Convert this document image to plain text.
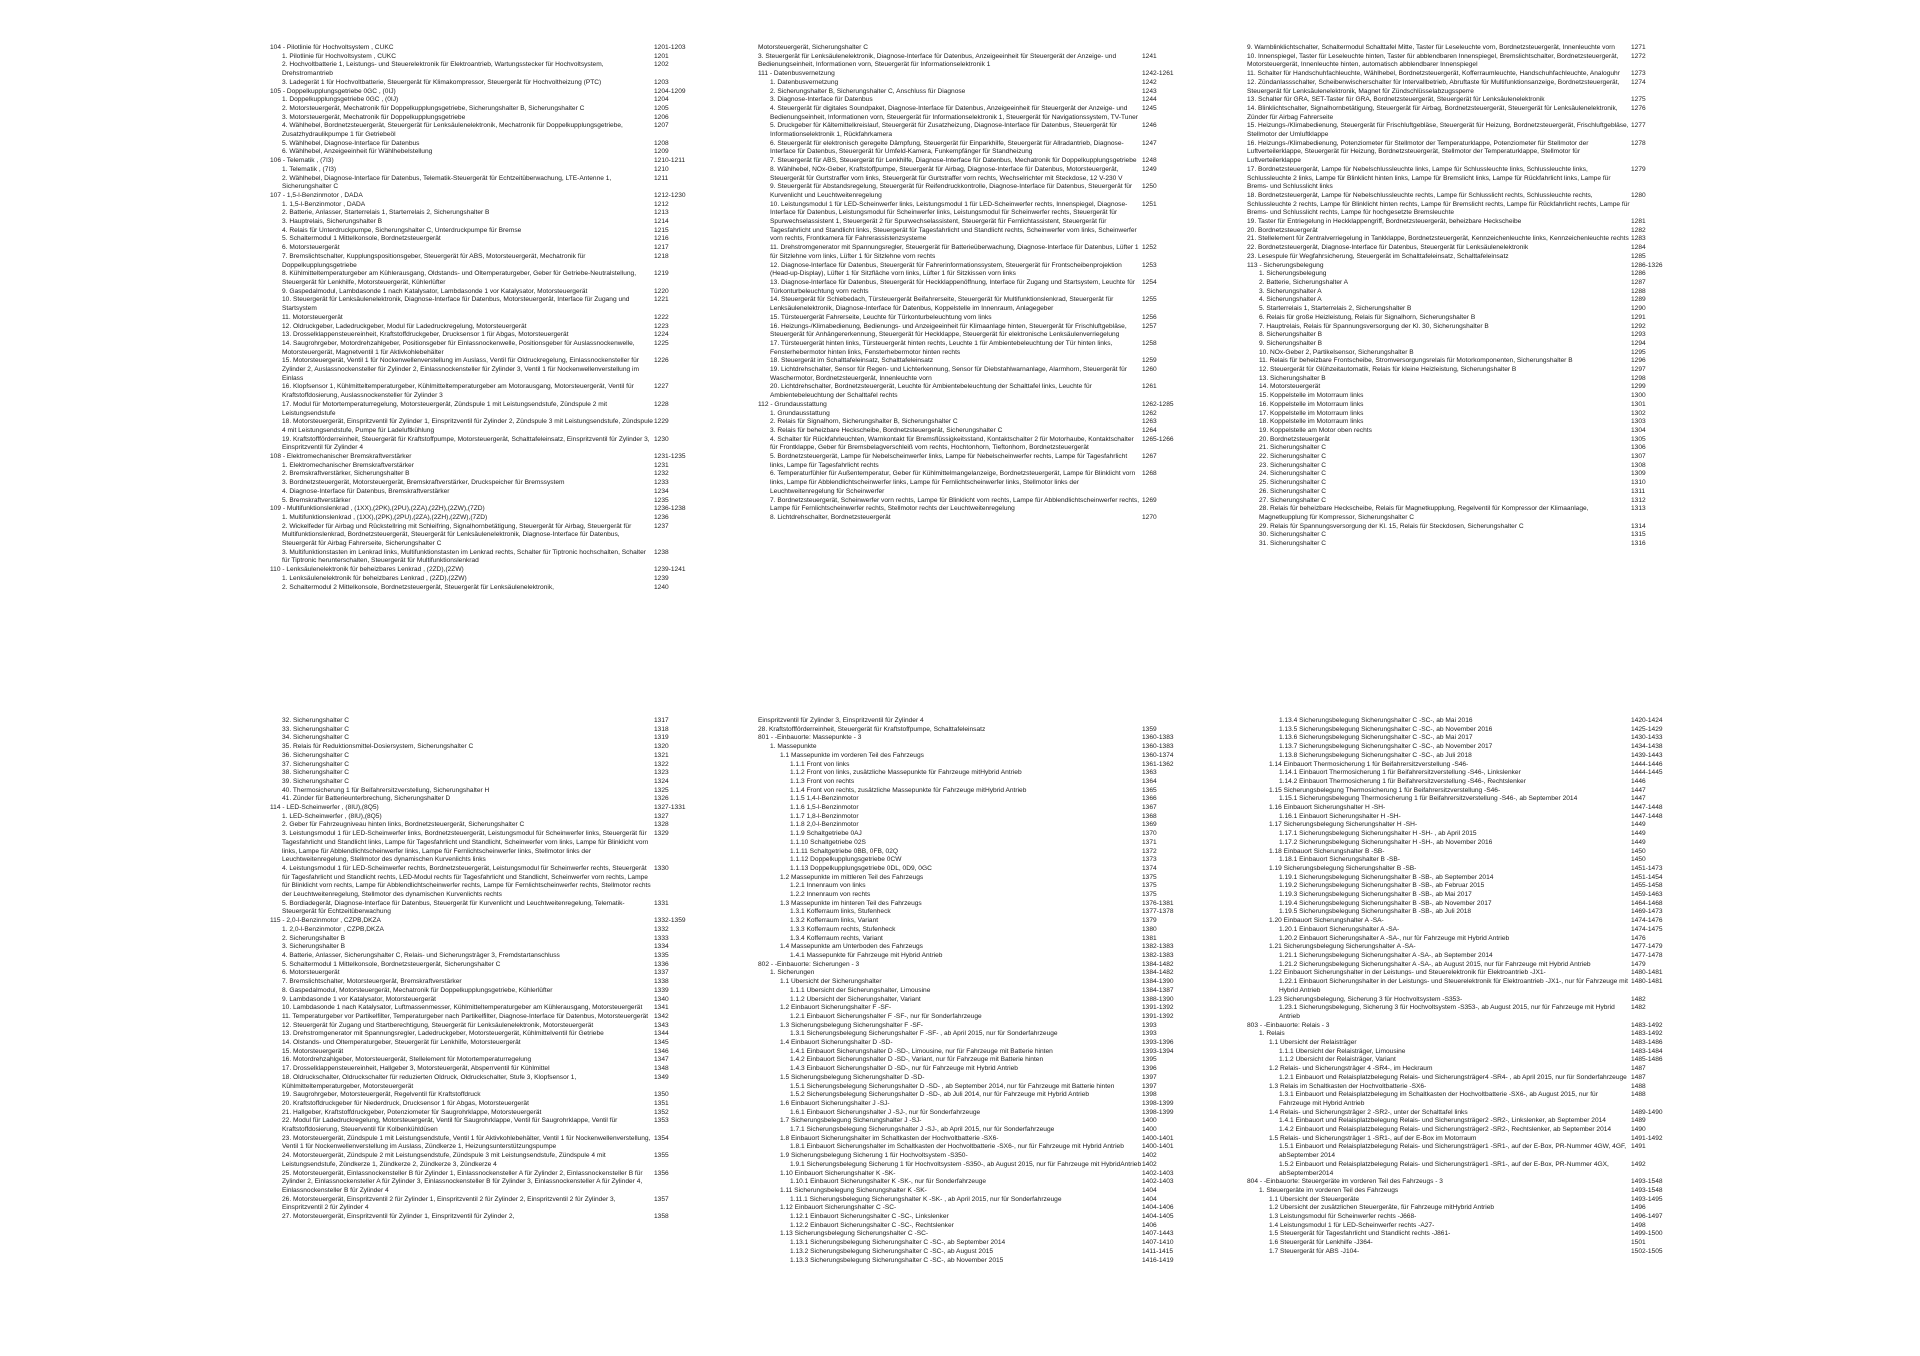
104 - Pilotlinie für Hochvoltsystem , CUKC	1201-1203
1. Pilotlinie für Hochvoltsystem , CUKC	1201
2. Hochvoltbatterie 1, Leistungs- und Steuerelektronik für Elektroantrieb, Wartungsstecker für Hochvoltsystem, Drehstromantrieb
1202
3. Ladegerät 1 für Hochvoltbatterie, Steuergerät für Klimakompressor, Steuergerät für Hochvoltheizung (PTC)	1203
105 - Doppelkupplungsgetriebe 0GC , (0IJ)	1204-1209
1. Doppelkupplungsgetriebe 0GC , (0IJ)	1204
2. Motorsteuergerät, Mechatronik für Doppelkupplungsgetriebe, Sicherungshalter B, Sicherungshalter C	1205
3. Motorsteuergerät, Mechatronik für Doppelkupplungsgetriebe	1206
4. Wählhebel, Bordnetzsteuergerät, Steuergerät für Lenksäulenelektronik, Mechatronik für Doppelkupplungsgetriebe, Zusatzhydraulikpumpe 1 für Getriebeöl
1207
5. Wählhebel, Diagnose-Interface für Datenbus	1208
6. Wählhebel, Anzeigeeinheit für Wählhebelstellung	1209
106 - Telematik , (7I3)	1210-1211
1. Telematik , (7I3)	1210
2. Wählhebel, Diagnose-Interface für Datenbus, Telematik-Steuergerät für Echtzeitüberwachung, LTE-Antenne 1, Sicherungshalter C
1211
107 - 1,5-l-Benzinmotor , DADA	1212-1230
1. 1,5-l-Benzinmotor , DADA	1212
2. Batterie, Anlasser, Starterrelais 1, Starterrelais 2, Sicherungshalter B	1213
3. Hauptrelais, Sicherungshalter B	1214
4. Relais für Unterdruckpumpe, Sicherungshalter C, Unterdruckpumpe für Bremse	1215
5. Schaltermodul 1 Mittelkonsole, Bordnetzsteuergerät	1216
6. Motorsteuergerät	1217
7. Bremslichtschalter, Kupplungspositionsgeber, Steuergerät für ABS, Motorsteuergerät, Mechatronik für Doppelkupplungsgetriebe
1218
8. Kühlmitteltemperaturgeber am Kühlerausgang, Öldstands- und Öltemperaturgeber, Geber für Getriebe-Neutralstellung, Steuergerät für Lenkhilfe, Motorsteuergerät, Kühlerlüfter
1219
9. Gaspedalmodul, Lambdasonde 1 nach Katalysator, Lambdasonde 1 vor Katalysator, Motorsteuergerät	1220
10. Steuergerät für Lenksäulenelektronik, Diagnose-Interface für Datenbus, Motorsteuergerät, Interface für Zugang und Startsystem
1221
11. Motorsteuergerät	1222
12. Öldruckgeber, Ladedruckgeber, Modul für Ladedruckregelung, Motorsteuergerät	1223
13. Drosselklappensteuereinheit, Kraftstoffdruckgeber, Drucksensor 1 für Abgas, Motorsteuergerät	1224
14. Saugrohrgeber, Motordrehzahlgeber, Positionsgeber für Einlassnockenwelle, Positionsgeber für Auslassnockenwelle, Motorsteuergerät, Magnetventil 1 für Aktivkohlebehälter
1225
15. Motorsteuergerät, Ventil 1 für Nockenwellenverstellung im Auslass, Ventil für Öldruckregelung, Einlassnockensteller für Zylinder 2, Auslassnockensteller für Zylinder 2, Einlassnockensteller für Zylinder 3, Ventil 1 für Nockenwellenverstellung im Einlass
1226
16. Klopfsensor 1, Kühlmitteltemperaturgeber, Kühlmitteltemperaturgeber am Motorausgang, Motorsteuergerät, Ventil für Kraftstoffdosierung, Auslassnockensteller für Zylinder 3
1227
17. Modul für Motortemperaturregelung, Motorsteuergerät, Zündspule 1 mit Leistungsendstufe, Zündspule 2 mit Leistungsendstufe
1228
18. Motorsteuergerät, Einspritzventil für Zylinder 1, Einspritzventil für Zylinder 2, Zündspule 3 mit Leistungsendstufe, Zündspule 4 mit Leistungsendstufe, Pumpe für Ladeluftkühlung
1229
19. Kraftstoffförderreinheit, Steuergerät für Kraftstoffpumpe, Motorsteuergerät, Schalttafeleinsatz, Einspritzventil für Zylinder 3, Einspritzventil für Zylinder 4
1230
108 - Elektromechanischer Bremskraftverstärker	1231-1235
1. Elektromechanischer Bremskraftverstärker	1231
2. Bremskraftverstärker, Sicherungshalter B	1232
3. Bordnetzsteuergerät, Motorsteuergerät, Bremskraftverstärker, Druckspeicher für Bremssystem	1233
4. Diagnose-Interface für Datenbus, Bremskraftverstärker	1234
5. Bremskraftverstärker	1235
109 - Multifunktionslenkrad , (1XX),(2PK),(2PU),(2ZA),(2ZH),(2ZW),(7ZD)	1236-1238
1. Multifunktionslenkrad , (1XX),(2PK),(2PU),(2ZA),(2ZH),(2ZW),(7ZD)	1236
2. Wickelfeder für Airbag und Rückstellring mit Schleifring, Signalhornbetätigung, Steuergerät für Airbag, Steuergerät für Multifunktionslenkrad, Bordnetzsteuergerät, Steuergerät für Lenksäulenelektronik, Diagnose-Interface für Datenbus, Steuergerät für Airbag Fahrerseite, Sicherungshalter C
1237
3. Multifunktionstasten im Lenkrad links, Multifunktionstasten im Lenkrad rechts, Schalter für Tiptronic hochschalten, Schalter für Tiptronic herunterschalten, Steuergerät für Multifunktionslenkrad
1238
110 - Lenksäulenelektronik für beheizbares Lenkrad , (2ZD),(2ZW)	1239-1241
1. Lenksäulenelektronik für beheizbares Lenkrad , (2ZD),(2ZW)	1239
2. Schaltermodul 2 Mittelkonsole, Bordnetzsteuergerät, Steuergerät für Lenksäulenelektronik,	1240
Motorsteuergerät, Sicherungshalter C
3. Steuergerät für Lenksäulenelektronik, Diagnose-Interface für Datenbus, Anzeigeeinheit für Steuergerät der Anzeige- und Bedienungseinheit, Informationen vorn, Steuergerät für Informationselektronik 1
1241
111 - Datenbusvernetzung	1242-1261
1. Datenbusvernetzung	1242
2. Sicherungshalter B, Sicherungshalter C, Anschluss für Diagnose	1243
3. Diagnose-Interface für Datenbus	1244
4. Steuergerät für digitales Soundpaket, Diagnose-Interface für Datenbus, Anzeigeeinheit für Steuergerät der Anzeige- und Bedienungseinheit, Informationen vorn, Steuergerät für Informationselektronik 1, Steuergerät für Navigationssystem, TV-Tuner
1245
5. Druckgeber für Kältemittelkreislauf, Steuergerät für Zusatzheizung, Diagnose-Interface für Datenbus, Steuergerät für Informationselektronik 1, Rückfahrkamera
1246
6. Steuergerät für elektronisch geregelte Dämpfung, Steuergerät für Einparkhilfe, Steuergerät für Allradantrieb, Diagnose-Interface für Datenbus, Steuergerät für Umfeld-Kamera, Funkempfänger für Standheizung
1247
7. Steuergerät für ABS, Steuergerät für Lenkhilfe, Diagnose-Interface für Datenbus, Mechatronik für Doppelkupplungsgetriebe 1248
8. Wählhebel, NOx-Geber, Kraftstoffpumpe, Steuergerät für Airbag, Diagnose-Interface für Datenbus, Motorsteuergerät, Steuergerät für Gurtstraffer vorn links, Steuergerät für Gurtstraffer vorn rechts, Wechselrichter mit Steckdose, 12 V-230 V
1249
9. Steuergerät für Abstandsregelung, Steuergerät für Reifendruckkontrolle, Diagnose-Interface für Datenbus, Steuergerät für Kurvenlicht und Leuchtweitenregelung
1250
10. Leistungsmodul 1 für LED-Scheinwerfer links, Leistungsmodul 1 für LED-Scheinwerfer rechts, Innenspiegel, Diagnose-Interface für Datenbus, Leistungsmodul für Scheinwerfer links, Leistungsmodul für Scheinwerfer rechts, Steuergerät für Spurwechselassistent 1, Steuergerät 2 für Spurwechselassistent, Steuergerät für Fernlichtassistent, Steuergerät für Tagesfahrlicht und Standlicht links, Steuergerät für Tagesfahrlicht und Standlicht rechts, Scheinwerfer vorn links, Scheinwerfer vorn rechts, Frontkamera für Fahrerassistenzsysteme
1251
11. Drehstromgenerator mit Spannungsregler, Steuergerät für Batterieüberwachung, Diagnose-Interface für Datenbus, Lüfter 1 für Sitzlehne vorn links, Lüfter 1 für Sitzlehne vorn rechts
1252
12. Diagnose-Interface für Datenbus, Steuergerät für Fahrerinformationssystem, Steuergerät für Frontscheibenprojektion (Head-up-Display), Lüfter 1 für Sitzfläche vorn links, Lüfter 1 für Sitzkissen vorn links
1253
13. Diagnose-Interface für Datenbus, Steuergerät für Heckklappenöffnung, Interface für Zugang und Startsystem, Leuchte für Türkonturbeleuchtung vorn rechts
1254
14. Steuergerät für Schiebedach, Türsteuergerät Beifahrerseite, Steuergerät für Multifunktionslenkrad, Steuergerät für Lenksäulenelektronik, Diagnose-Interface für Datenbus, Koppelstelle im Innenraum, Anlagegeber
1255
15. Türsteuergerät Fahrerseite, Leuchte für Türkonturbeleuchtung vorn links	1256
16. Heizungs-/Klimabedienung, Bedienungs- und Anzeigeeinheit für Klimaanlage hinten, Steuergerät für Frischluftgebläse, Steuergerät für Anhängererkennung, Steuergerät für Heckklappe, Steuergerät für elektronische Lenksäulenverriegelung
1257
17. Türsteuergerät hinten links, Türsteuergerät hinten rechts, Leuchte 1 für Ambientebeleuchtung der Tür hinten links, Fensterhebermotor hinten links, Fensterhebermotor hinten rechts
1258
18. Steuergerät im Schalttafeleinsatz, Schalttafeleinsatz	1259
19. Lichtdrehschalter, Sensor für Regen- und Lichterkennung, Sensor für Diebstahlwarnanlage, Alarmhorn, Steuergerät für Waschermotor, Bordnetzsteuergerät, Innenleuchte vorn
1260
20. Lichtdrehschalter, Bordnetzsteuergerät, Leuchte für Ambientebeleuchtung der Schalttafel links, Leuchte für Ambientebeleuchtung der Schalttafel rechts
1261
112 - Grundausstattung	1262-1285
1. Grundausstattung	1262
2. Relais für Signalhorn, Sicherungshalter B, Sicherungshalter C	1263
3. Relais für beheizbare Heckscheibe, Bordnetzsteuergerät, Sicherungshalter C	1264
4. Schalter für Rückfahrleuchten, Warnkontakt für Bremsflüssigkeitsstand, Kontaktschalter 2 für Motorhaube, Kontaktschalter für Frontklappe, Geber für Bremsbelagverschleiß vorn rechts, Hochtonhorn, Tieftonhorn, Bordnetzsteuergerät
1265-1266
5. Bordnetzsteuergerät, Lampe für Nebelscheinwerfer links, Lampe für Nebelscheinwerfer rechts, Lampe für Tagesfahrlicht links, Lampe für Tagesfahrlicht rechts
1267
6. Temperaturfühler für Außentemperatur, Geber für Kühlmittelmangelanzeige, Bordnetzsteuergerät, Lampe für Blinklicht vorn links, Lampe für Abblendlichtscheinwerfer links, Lampe für Fernlichtscheinwerfer links, Stellmotor links der Leuchtweitenregelung für Scheinwerfer
1268
7. Bordnetzsteuergerät, Scheinwerfer vorn rechts, Lampe für Blinklicht vorn rechts, Lampe für Abblendlichtscheinwerfer rechts, Lampe für Fernlichtscheinwerfer rechts, Stellmotor rechts der Leuchtweitenregelung
1269
8. Lichtdrehschalter, Bordnetzsteuergerät	1270
9. Warnblinklichtschalter, Schaltermodul Schalttafel Mitte, Taster für Leseleuchte vorn, Bordnetzsteuergerät, Innenleuchte vorn	1271
10. Innenspiegel, Taster für Leseleuchte hinten, Taster für abblendbaren Innenspiegel, Bremslichtschalter, Bordnetzsteuergerät, Motorsteuergerät, Innenleuchte hinten, automatisch abblendbarer Innenspiegel
1272
11. Schalter für Handschuhfachleuchte, Wählhebel, Bordnetzsteuergerät, Kofferraumleuchte, Handschuhfachleuchte, Analoguhr	1273
12. Zündanlassschalter, Scheibenwischerschalter für Intervallbetrieb, Abruftaste für Multifunktionsanzeige, Bordnetzsteuergerät, Steuergerät für Lenksäulenelektronik, Magnet für Zündschlüsselabzugssperre
1274
13. Schalter für GRA, SET-Taster für GRA, Bordnetzsteuergerät, Steuergerät für Lenksäulenelektronik	1275
14. Blinklichtschalter, Signalhornbetätigung, Steuergerät für Airbag, Bordnetzsteuergerät, Steuergerät für Lenksäulenelektronik, Zünder für Airbag Fahrerseite
1276
15. Heizungs-/Klimabedienung, Steuergerät für Frischluftgebläse, Steuergerät für Heizung, Bordnetzsteuergerät, Frischluftgebläse, Stellmotor der Umluftklappe
1277
16. Heizungs-/Klimabedienung, Potenziometer für Stellmotor der Temperaturklappe, Potenziometer für Stellmotor der Luftverteilerklappe, Steuergerät für Heizung, Bordnetzsteuergerät, Stellmotor der Temperaturklappe, Stellmotor für Luftverteilerklappe
1278
17. Bordnetzsteuergerät, Lampe für Nebelschlussleuchte links, Lampe für Schlussleuchte links, Schlussleuchte links, Schlussleuchte 2 links, Lampe für Blinklicht hinten links, Lampe für Bremslicht links, Lampe für Rückfahrlicht links, Lampe für Brems- und Schlusslicht links
1279
18. Bordnetzsteuergerät, Lampe für Nebelschlussleuchte rechts, Lampe für Schlusslicht rechts, Schlussleuchte rechts, Schlussleuchte 2 rechts, Lampe für Blinklicht hinten rechts, Lampe für Bremslicht rechts, Lampe für Rückfahrlicht rechts, Lampe für Brems- und Schlusslicht rechts, Lampe für hochgesetzte Bremsleuchte
1280
19. Taster für Entriegelung in Heckklappengriff, Bordnetzsteuergerät, beheizbare Heckscheibe	1281
20. Bordnetzsteuergerät	1282
21. Stellelement für Zentralverriegelung in Tankklappe, Bordnetzsteuergerät, Kennzeichenleuchte links, Kennzeichenleuchte rechts 1283
22. Bordnetzsteuergerät, Diagnose-Interface für Datenbus, Steuergerät für Lenksäulenelektronik	1284
23. Lesespule für Wegfahrsicherung, Steuergerät im Schalttafeleinsatz, Schalttafeleinsatz	1285
113 - Sicherungsbelegung	1286-1326
1. Sicherungsbelegung	1286
2. Batterie, Sicherungshalter A	1287
3. Sicherungshalter A	1288
4. Sicherungshalter A	1289
5. Starterrelais 1, Starterrelais 2, Sicherungshalter B	1290
6. Relais für große Heizleistung, Relais für Signalhorn, Sicherungshalter B	1291
7. Hauptrelais, Relais für Spannungsversorgung der Kl. 30, Sicherungshalter B	1292
8. Sicherungshalter B	1293
9. Sicherungshalter B	1294
10. NOx-Geber 2, Partikelsensor, Sicherungshalter B	1295
11. Relais für beheizbare Frontscheibe, Stromversorgungsrelais für Motorkomponenten, Sicherungshalter B	1296
12. Steuergerät für Glühzeitautomatik, Relais für kleine Heizleistung, Sicherungshalter B	1297
13. Sicherungshalter B	1298
14. Motorsteuergerät	1299
15. Koppelstelle im Motorraum links	1300
16. Koppelstelle im Motorraum links	1301
17. Koppelstelle im Motorraum links	1302
18. Koppelstelle im Motorraum links	1303
19. Koppelstelle am Motor oben rechts	1304
20. Bordnetzsteuergerät	1305
21. Sicherungshalter C	1306
22. Sicherungshalter C	1307
23. Sicherungshalter C	1308
24. Sicherungshalter C	1309
25. Sicherungshalter C	1310
26. Sicherungshalter C	1311
27. Sicherungshalter C	1312
28. Relais für beheizbare Heckscheibe, Relais für Magnetkupplung, Regelventil für Kompressor der Klimaanlage, Magnetkupplung für Kompressor, Sicherungshalter C
1313
29. Relais für Spannungsversorgung der Kl. 15, Relais für Steckdosen, Sicherungshalter C	1314
30. Sicherungshalter C	1315
31. Sicherungshalter C	1316
32. Sicherungshalter C	1317
33. Sicherungshalter C	1318
34. Sicherungshalter C	1319
35. Relais für Reduktionsmittel-Dosiersystem, Sicherungshalter C	1320
36. Sicherungshalter C	1321
37. Sicherungshalter C	1322
38. Sicherungshalter C	1323
39. Sicherungshalter C	1324
40. Thermosicherung 1 für Beifahrersitzverstellung, Sicherungshalter H	1325
41. Zünder für Batterieunterbrechung, Sicherungshalter D	1326
114 - LED-Scheinwerfer , (8IU),(8Q5)	1327-1331
1. LED-Scheinwerfer , (8IU),(8Q5)	1327
2. Geber für Fahrzeugniveau hinten links, Bordnetzsteuergerät, Sicherungshalter C	1328
3. Leistungsmodul 1 für LED-Scheinwerfer links, Bordnetzsteuergerät, Leistungsmodul für Scheinwerfer links, Steuergerät für Tagesfahrlicht und Standlicht links, Lampe für Tagesfahrlicht und Standlicht, Scheinwerfer vorn links, Lampe für Blinklicht vorn links, Lampe für Abblendlichtscheinwerfer links, Lampe für Fernlichtscheinwerfer links, Stellmotor links der Leuchtweitenregelung, Stellmotor des dynamischen Kurvenlichts links
1329
4. Leistungsmodul 1 für LED-Scheinwerfer rechts, Bordnetzsteuergerät, Leistungsmodul für Scheinwerfer rechts, Steuergerät für Tagesfahrlicht und Standlicht rechts, LED-Modul rechts für Tagesfahrlicht und Standlicht, Scheinwerfer vorn rechts, Lampe für Blinklicht vorn rechts, Lampe für Abblendlichtscheinwerfer rechts, Lampe für Fernlichtscheinwerfer rechts, Stellmotor rechts der Leuchtweitenregelung, Stellmotor des dynamischen Kurvenlichts rechts
1330
5. Bordiadegerät, Diagnose-Interface für Datenbus, Steuergerät für Kurvenlicht und Leuchtweitenregelung, Telematik-Steuergerät für Echtzeitüberwachung
1331
115 - 2,0-l-Benzinmotor , CZPB,DKZA	1332-1359
1. 2,0-l-Benzinmotor , CZPB,DKZA	1332
2. Sicherungshalter B	1333
3. Sicherungshalter B	1334
4. Batterie, Anlasser, Sicherungshalter C, Relais- und Sicherungsträger 3, Fremdstartanschluss	1335
5. Schaltermodul 1 Mittelkonsole, Bordnetzsteuergerät, Sicherungshalter C	1336
6. Motorsteuergerät	1337
7. Bremslichtschalter, Motorsteuergerät, Bremskraftverstärker	1338
8. Gaspedalmodul, Motorsteuergerät, Mechatronik für Doppelkupplungsgetriebe, Kühlerlüfter	1339
9. Lambdasonde 1 vor Katalysator, Motorsteuergerät	1340
10. Lambdasonde 1 nach Katalysator, Luftmassenmesser, Kühlmitteltemperaturgeber am Kühlerausgang, Motorsteuergerät	1341
11. Temperaturgeber vor Partikelfilter, Temperaturgeber nach Partikelfilter, Diagnose-Interface für Datenbus, Motorsteuergerät 1342
12. Steuergerät für Zugang und Startberechtigung, Steuergerät für Lenksäulenelektronik, Motorsteuergerät	1343
13. Drehstromgenerator mit Spannungsregler, Ladedruckgeber, Motorsteuergerät, Kühlmittelventil für Getriebe	1344
14. Ölstands- und Öltemperaturgeber, Steuergerät für Lenkhilfe, Motorsteuergerät	1345
15. Motorsteuergerät	1346
16. Motordrehzahlgeber, Motorsteuergerät, Stellelement für Motortemperaturregelung	1347
17. Drosselklappensteuereinheit, Hallgeber 3, Motorsteuergerät, Absperrventil für Kühlmittel	1348
18. Öldruckschalter, Öldruckschalter für reduzierten Öldruck, Öldruckschalter, Stufe 3, Klopfsensor 1, Kühlmitteltemperaturgeber, Motorsteuergerät
1349
19. Saugrohrgeber, Motorsteuergerät, Regelventil für Kraftstoffdruck	1350
20. Kraftstoffdruckgeber für Niederdruck, Drucksensor 1 für Abgas, Motorsteuergerät	1351
21. Hallgeber, Kraftstoffdruckgeber, Potenziometer für Saugrohrklappe, Motorsteuergerät	1352
22. Modul für Ladedruckregelung, Motorsteuergerät, Ventil für Saugrohrklappe, Ventil für Saugrohrklappe, Ventil für Kraftstoffdosierung, Steuerventil für Kolbenkühldüsen
1353
23. Motorsteuergerät, Zündspule 1 mit Leistungsendstufe, Ventil 1 für Aktivkohlebehälter, Ventil 1 für Nockenwellenverstellung, Ventil 1 für Nockenwellenverstellung im Auslass, Zündkerze 1, Heizungsunterstützungspumpe
1354
24. Motorsteuergerät, Zündspule 2 mit Leistungsendstufe, Zündspule 3 mit Leistungsendstufe, Zündspule 4 mit Leistungsendstufe, Zündkerze 1, Zündkerze 2, Zündkerze 3, Zündkerze 4
1355
25. Motorsteuergerät, Einlassnockensteller B für Zylinder 1, Einlassnockensteller A für Zylinder 2, Einlassnockensteller B für Zylinder 2, Einlassnockensteller A für Zylinder 3, Einlassnockensteller B für Zylinder 3, Einlassnockensteller A für Zylinder 4, Einlassnockensteller B für Zylinder 4
1356
26. Motorsteuergerät, Einspritzventil 2 für Zylinder 1, Einspritzventil 2 für Zylinder 2, Einspritzventil 2 für Zylinder 3, Einspritzventil 2 für Zylinder 4
1357
27. Motorsteuergerät, Einspritzventil für Zylinder 1, Einspritzventil für Zylinder 2,	1358
Einspritzventil für Zylinder 3, Einspritzventil für Zylinder 4
28. Kraftstoffförderreinheit, Steuergerät für Kraftstoffpumpe, Schalttafeleinsatz	1359
801 - -Einbauorte: Massepunkte - 3	1360-1383
1. Massepunkte	1360-1383
1.1 Massepunkte im vorderen Teil des Fahrzeugs	1360-1374
1.1.1 Front von links	1361-1362
1.1.2 Front von links, zusätzliche Massepunkte für Fahrzeuge mitHybrid Antrieb	1363
1.1.3 Front von rechts	1364
1.1.4 Front von rechts, zusätzliche Massepunkte für Fahrzeuge mitHybrid Antrieb	1365
1.1.5 1,4-l-Benzinmotor	1366
1.1.6 1,5-l-Benzinmotor	1367
1.1.7 1,8-l-Benzinmotor	1368
1.1.8 2,0-l-Benzinmotor	1369
1.1.9 Schaltgetriebe 0AJ	1370
1.1.10 Schaltgetriebe 02S	1371
1.1.11 Schaltgetriebe 0BB, 0FB, 02Q	1372
1.1.12 Doppelkupplungsgetriebe 0CW	1373
1.1.13 Doppelkupplungsgetriebe 0DL, 0D9, 0GC	1374
1.2 Massepunkte im mittleren Teil des Fahrzeugs	1375
1.2.1 Innenraum von links	1375
1.2.2 Innenraum von rechts	1375
1.3 Massepunkte im hinteren Teil des Fahrzeugs	1376-1381
1.3.1 Kofferraum links, Stufenheck	1377-1378
1.3.2 Kofferraum links, Variant	1379
1.3.3 Kofferraum rechts, Stufenheck	1380
1.3.4 Kofferraum rechts, Variant	1381
1.4 Massepunkte am Unterboden des Fahrzeugs	1382-1383
1.4.1 Massepunkte für Fahrzeuge mit Hybrid Antrieb	1382-1383
802 - -Einbauorte: Sicherungen - 3	1384-1482
1. Sicherungen	1384-1482
1.1 Übersicht der Sicherungshalter	1384-1390
1.1.1 Übersicht der Sicherungshalter, Limousine	1384-1387
1.1.2 Übersicht der Sicherungshalter, Variant	1388-1390
1.2 Einbauort Sicherungshalter F -SF-	1391-1392
1.2.1 Einbauort Sicherungshalter F -SF-, nur für Sonderfahrzeuge	1391-1392
1.3 Sicherungsbelegung Sicherungshalter F -SF-	1393
1.3.1 Sicherungsbelegung Sicherungshalter F -SF- , ab April 2015, nur für Sonderfahrzeuge	1393
1.4 Einbauort Sicherungshalter D -SD-	1393-1396
1.4.1 Einbauort Sicherungshalter D -SD-, Limousine, nur für Fahrzeuge mit Batterie hinten	1393-1394
1.4.2 Einbauort Sicherungshalter D -SD-, Variant, nur für Fahrzeuge mit Batterie hinten	1395
1.4.3 Einbauort Sicherungshalter D -SD-, nur für Fahrzeuge mit Hybrid Antrieb	1396
1.5 Sicherungsbelegung Sicherungshalter D -SD-	1397
1.5.1 Sicherungsbelegung Sicherungshalter D -SD- , ab September 2014, nur für Fahrzeuge mit Batterie hinten	1397
1.5.2 Sicherungsbelegung Sicherungshalter D -SD-, ab Juli 2014, nur für Fahrzeuge mit Hybrid Antrieb	1398
1.6 Einbauort Sicherungshalter J -SJ-	1398-1399
1.6.1 Einbauort Sicherungshalter J -SJ-, nur für Sonderfahrzeuge	1398-1399
1.7 Sicherungsbelegung Sicherungshalter J -SJ-	1400
1.7.1 Sicherungsbelegung Sicherungshalter J -SJ-, ab April 2015, nur für Sonderfahrzeuge	1400
1.8 Einbauort Sicherungshalter im Schaltkasten der Hochvoltbatterie -SX6-	1400-1401
1.8.1 Einbauort Sicherungshalter im Schaltkasten der Hochvoltbatterie -SX6-, nur für Fahrzeuge mit Hybrid Antrieb	1400-1401
1.9 Sicherungsbelegung Sicherung 1 für Hochvoltsystem -S350-	1402
1.9.1 Sicherungsbelegung Sicherung 1 für Hochvoltsystem -S350-, ab August 2015, nur für Fahrzeuge mit HybridAntrieb 1402
1.10 Einbauort Sicherungshalter K -SK-	1402-1403
1.10.1 Einbauort Sicherungshalter K -SK-, nur für Sonderfahrzeuge	1402-1403
1.11 Sicherungsbelegung Sicherungshalter K -SK-	1404
1.11.1 Sicherungsbelegung Sicherungshalter K -SK- , ab April 2015, nur für Sonderfahrzeuge	1404
1.12 Einbauort Sicherungshalter C -SC-	1404-1406
1.12.1 Einbauort Sicherungshalter C -SC-, Linkslenker	1404-1405
1.12.2 Einbauort Sicherungshalter C -SC-, Rechtslenker	1406
1.13 Sicherungsbelegung Sicherungshalter C -SC-	1407-1443
1.13.1 Sicherungsbelegung Sicherungshalter C -SC-, ab September 2014	1407-1410
1.13.2 Sicherungsbelegung Sicherungshalter C -SC-, ab August 2015	1411-1415
1.13.3 Sicherungsbelegung Sicherungshalter C -SC-, ab November 2015	1416-1419
1.13.4 Sicherungsbelegung Sicherungshalter C -SC-, ab Mai 2016	1420-1424
1.13.5 Sicherungsbelegung Sicherungshalter C -SC-, ab November 2016	1425-1429
1.13.6 Sicherungsbelegung Sicherungshalter C -SC-, ab Mai 2017	1430-1433
1.13.7 Sicherungsbelegung Sicherungshalter C -SC-, ab November 2017	1434-1438
1.13.8 Sicherungsbelegung Sicherungshalter C -SC-, ab Juli 2018	1439-1443
1.14 Einbauort Thermosicherung 1 für Beifahrersitzverstellung -S46-	1444-1446
1.14.1 Einbauort Thermosicherung 1 für Beifahrersitzverstellung -S46-, Linkslenker	1444-1445
1.14.2 Einbauort Thermosicherung 1 für Beifahrersitzverstellung -S46-, Rechtslenker	1446
1.15 Sicherungsbelegung Thermosicherung 1 für Beifahrersitzverstellung -S46-	1447
1.15.1 Sicherungsbelegung Thermosicherung 1 für Beifahrersitzverstellung -S46-, ab September 2014	1447
1.16 Einbauort Sicherungshalter H -SH-	1447-1448
1.16.1 Einbauort Sicherungshalter H -SH-	1447-1448
1.17 Sicherungsbelegung Sicherungshalter H -SH-	1449
1.17.1 Sicherungsbelegung Sicherungshalter H -SH- , ab April 2015	1449
1.17.2 Sicherungsbelegung Sicherungshalter H -SH-, ab November 2016	1449
1.18 Einbauort Sicherungshalter B -SB-	1450
1.18.1 Einbauort Sicherungshalter B -SB-	1450
1.19 Sicherungsbelegung Sicherungshalter B -SB-	1451-1473
1.19.1 Sicherungsbelegung Sicherungshalter B -SB-, ab September 2014	1451-1454
1.19.2 Sicherungsbelegung Sicherungshalter B -SB-, ab Februar 2015	1455-1458
1.19.3 Sicherungsbelegung Sicherungshalter B -SB-, ab Mai 2017	1459-1463
1.19.4 Sicherungsbelegung Sicherungshalter B -SB-, ab November 2017	1464-1468
1.19.5 Sicherungsbelegung Sicherungshalter B -SB-, ab Juli 2018	1469-1473
1.20 Einbauort Sicherungshalter A -SA-	1474-1476
1.20.1 Einbauort Sicherungshalter A -SA-	1474-1475
1.20.2 Einbauort Sicherungshalter A -SA-, nur für Fahrzeuge mit Hybrid Antrieb	1476
1.21 Sicherungsbelegung Sicherungshalter A -SA-	1477-1479
1.21.1 Sicherungsbelegung Sicherungshalter A -SA-, ab September 2014	1477-1478
1.21.2 Sicherungsbelegung Sicherungshalter A -SA-, ab August 2015, nur für Fahrzeuge mit Hybrid Antrieb	1479
1.22 Einbauort Sicherungshalter in der Leistungs- und Steuerelektronik für Elektroantrieb -JX1-	1480-1481
1.22.1 Einbauort Sicherungshalter in der Leistungs- und Steuerelektronik für Elektroantrieb -JX1-, nur für Fahrzeuge mit Hybrid Antrieb
1480-1481
1.23 Sicherungsbelegung, Sicherung 3 für Hochvoltsystem -S353-	1482
1.23.1 Sicherungsbelegung, Sicherung 3 für Hochvoltsystem -S353-, ab August 2015, nur für Fahrzeuge mit Hybrid Antrieb
1482
803 - -Einbauorte: Relais - 3	1483-1492
1. Relais	1483-1492
1.1 Übersicht der Relaisträger	1483-1486
1.1.1 Übersicht der Relaisträger, Limousine	1483-1484
1.1.2 Übersicht der Relaisträger, Variant	1485-1486
1.2 Relais- und Sicherungsträger 4 -SR4-, im Heckraum	1487
1.2.1 Einbauort und Relaisplatzbelegung Relais- und Sicherungsträger4 -SR4- , ab April 2015, nur für Sonderfahrzeuge 1487
1.3 Relais im Schaltkasten der Hochvoltbatterie -SX6-	1488
1.3.1 Einbauort und Relaisplatzbelegung im Schaltkasten der Hochvoltbatterie -SX6-, ab August 2015, nur für Fahrzeuge mit Hybrid Antrieb
1488
1.4 Relais- und Sicherungsträger 2 -SR2-, unter der Schalttafel links	1489-1490
1.4.1 Einbauort und Relaisplatzbelegung Relais- und Sicherungsträger2 -SR2-, Linkslenker, ab September 2014	1489
1.4.2 Einbauort und Relaisplatzbelegung Relais- und Sicherungsträger2 -SR2-, Rechtslenker, ab September 2014	1490
1.5 Relais- und Sicherungsträger 1 -SR1-, auf der E-Box im Motorraum	1491-1492
1.5.1 Einbauort und Relaisplatzbelegung Relais- und Sicherungsträger1 -SR1-, auf der E-Box, PR-Nummer 4GW, 4GF, abSeptember 2014
1491
1.5.2 Einbauort und Relaisplatzbelegung Relais- und Sicherungsträger1 -SR1-, auf der E-Box, PR-Nummer 4GX, abSeptember2014
1492
804 - -Einbauorte: Steuergeräte im vorderen Teil des Fahrzeugs - 3	1493-1548
1. Steuergeräte im vorderen Teil des Fahrzeugs	1493-1548
1.1 Übersicht der Steuergeräte	1493-1495
1.2 Übersicht der zusätzlichen Steuergeräte, für Fahrzeuge mitHybrid Antrieb	1496
1.3 Leistungsmodul für Scheinwerfer rechts -J668-	1496-1497
1.4 Leistungsmodul 1 für LED-Scheinwerfer rechts -A27-	1498
1.5 Steuergerät für Tagesfahrlicht und Standlicht rechts -J861-	1499-1500
1.6 Steuergerät für Lenkhilfe -J364-	1501
1.7 Steuergerät für ABS -J104-	1502-1505
